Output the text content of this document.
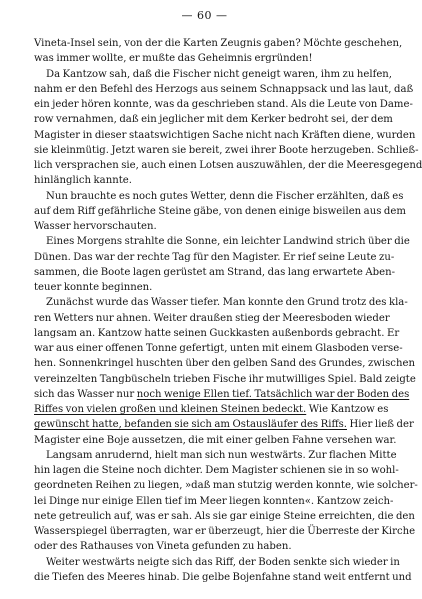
— 60 —
Vineta-Insel sein, von der die Karten Zeugnis gaben? Möchte geschehen,
was immer wollte, er mußte das Geheimnis ergründen!
Da Kantzow sah, daß die Fischer nicht geneigt waren, ihm zu helfen,
nahm er den Befehl des Herzogs aus seinem Schnappsack und las laut, daß
ein jeder hören konnte, was da geschrieben stand. Als die Leute von Dame-
row vernahmen, daß ein jeglicher mit dem Kerker bedroht sei, der dem
Magister in dieser staatswichtigen Sache nicht nach Kräften diene, wurden
sie kleinmütig. Jetzt waren sie bereit, zwei ihrer Boote herzugeben. Schließ-
lich versprachen sie, auch einen Lotsen auszuwählen, der die Meeresgegend
hinlänglich kannte.
Nun brauchte es noch gutes Wetter, denn die Fischer erzählten, daß es
auf dem Riff gefährliche Steine gäbe, von denen einige bisweilen aus dem
Wasser hervorschauten.
Eines Morgens strahlte die Sonne, ein leichter Landwind strich über die
Dünen. Das war der rechte Tag für den Magister. Er rief seine Leute zu-
sammen, die Boote lagen gerüstet am Strand, das lang erwartete Aben-
teuer konnte beginnen.
Zunächst wurde das Wasser tiefer. Man konnte den Grund trotz des kla-
ren Wetters nur ahnen. Weiter draußen stieg der Meeresboden wieder
langsam an. Kantzow hatte seinen Guckkasten außenbords gebracht. Er
war aus einer offenen Tonne gefertigt, unten mit einem Glasboden verse-
hen. Sonnenkringel huschten über den gelben Sand des Grundes, zwischen
vereinzelten Tangbüscheln trieben Fische ihr mutwilliges Spiel. Bald zeigte
sich das Wasser nur noch wenige Ellen tief. Tatsächlich war der Boden des
Riffes von vielen großen und kleinen Steinen bedeckt. Wie Kantzow es
gewünscht hatte, befanden sie sich am Ostausläufer des Riffs. Hier ließ der
Magister eine Boje aussetzen, die mit einer gelben Fahne versehen war.
Langsam anrudernd, hielt man sich nun westwärts. Zur flachen Mitte
hin lagen die Steine noch dichter. Dem Magister schienen sie in so wohl-
geordneten Reihen zu liegen, »daß man stutzig werden konnte, wie solcher-
lei Dinge nur einige Ellen tief im Meer liegen konnten«. Kantzow zeich-
nete getreulich auf, was er sah. Als sie gar einige Steine erreichten, die den
Wasserspiegel überragten, war er überzeugt, hier die Überreste der Kirche
oder des Rathauses von Vineta gefunden zu haben.
Weiter westwärts neigte sich das Riff, der Boden senkte sich wieder in
die Tiefen des Meeres hinab. Die gelbe Bojenfahne stand weit entfernt und
